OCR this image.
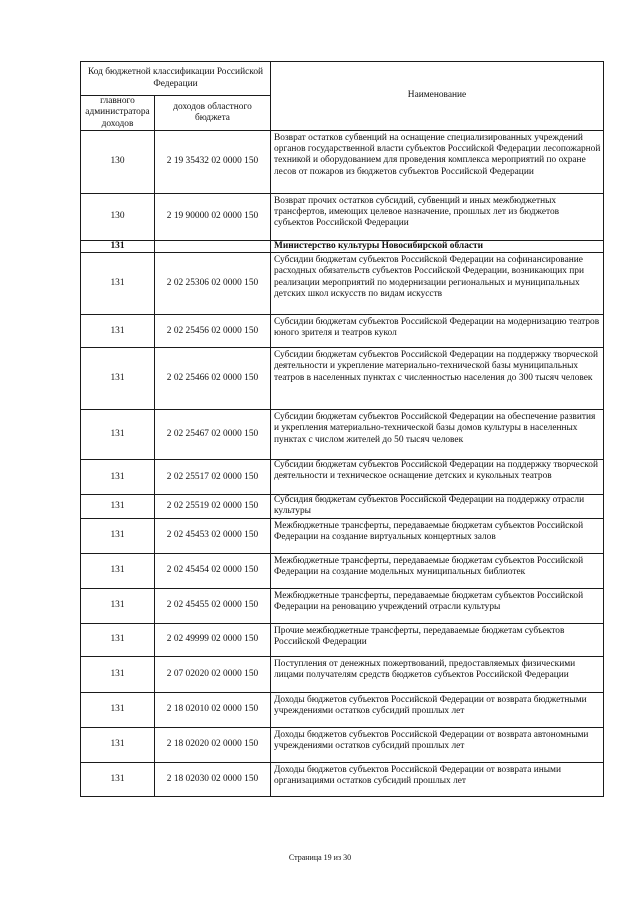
Код бюджетной классификации Российской Федерации		Наименование
главного администратора доходов	доходов областного бюджета	
130	2 19 35432 02 0000 150	Возврат остатков субвенций на оснащение специализированных учреждений органов государственной власти субъектов Российской Федерации лесопожарной техникой и оборудованием для проведения комплекса мероприятий по охране лесов от пожаров из бюджетов субъектов Российской Федерации
130	2 19 90000 02 0000 150	Возврат прочих остатков субсидий, субвенций и иных межбюджетных трансфертов, имеющих целевое назначение, прошлых лет из бюджетов субъектов Российской Федерации
131		Министерство культуры Новосибирской области
131	2 02 25306 02 0000 150	Субсидии бюджетам субъектов Российской Федерации на софинансирование расходных обязательств субъектов Российской Федерации, возникающих при реализации мероприятий по модернизации региональных и муниципальных детских школ искусств по видам искусств
131	2 02 25456 02 0000 150	Субсидии бюджетам субъектов Российской Федерации на модернизацию театров юного зрителя и театров кукол
131	2 02 25466 02 0000 150	Субсидии бюджетам субъектов Российской Федерации на поддержку творческой деятельности и укрепление материально-технической базы муниципальных театров в населенных пунктах с численностью населения до 300 тысяч человек
131	2 02 25467 02 0000 150	Субсидии бюджетам субъектов Российской Федерации на обеспечение развития и укрепления материально-технической базы домов культуры в населенных пунктах с числом жителей до 50 тысяч человек
131	2 02 25517 02 0000 150	Субсидии бюджетам субъектов Российской Федерации на поддержку творческой деятельности и техническое оснащение детских и кукольных театров
131	2 02 25519 02 0000 150	Субсидия бюджетам субъектов Российской Федерации на поддержку отрасли культуры
131	2 02 45453 02 0000 150	Межбюджетные трансферты, передаваемые бюджетам субъектов Российской Федерации на создание виртуальных концертных залов
131	2 02 45454 02 0000 150	Межбюджетные трансферты, передаваемые бюджетам субъектов Российской Федерации на создание модельных муниципальных библиотек
131	2 02 45455 02 0000 150	Межбюджетные трансферты, передаваемые бюджетам субъектов Российской Федерации на реновацию учреждений отрасли культуры
131	2 02 49999 02 0000 150	Прочие межбюджетные трансферты, передаваемые бюджетам субъектов Российской Федерации
131	2 07 02020 02 0000 150	Поступления от денежных пожертвований, предоставляемых физическими лицами получателям средств бюджетов субъектов Российской Федерации
131	2 18 02010 02 0000 150	Доходы бюджетов субъектов Российской Федерации от возврата бюджетными учреждениями остатков субсидий прошлых лет
131	2 18 02020 02 0000 150	Доходы бюджетов субъектов Российской Федерации от возврата автономными учреждениями остатков субсидий прошлых лет
131	2 18 02030 02 0000 150	Доходы бюджетов субъектов Российской Федерации от возврата иными организациями остатков субсидий прошлых лет
Страница 19 из 30
